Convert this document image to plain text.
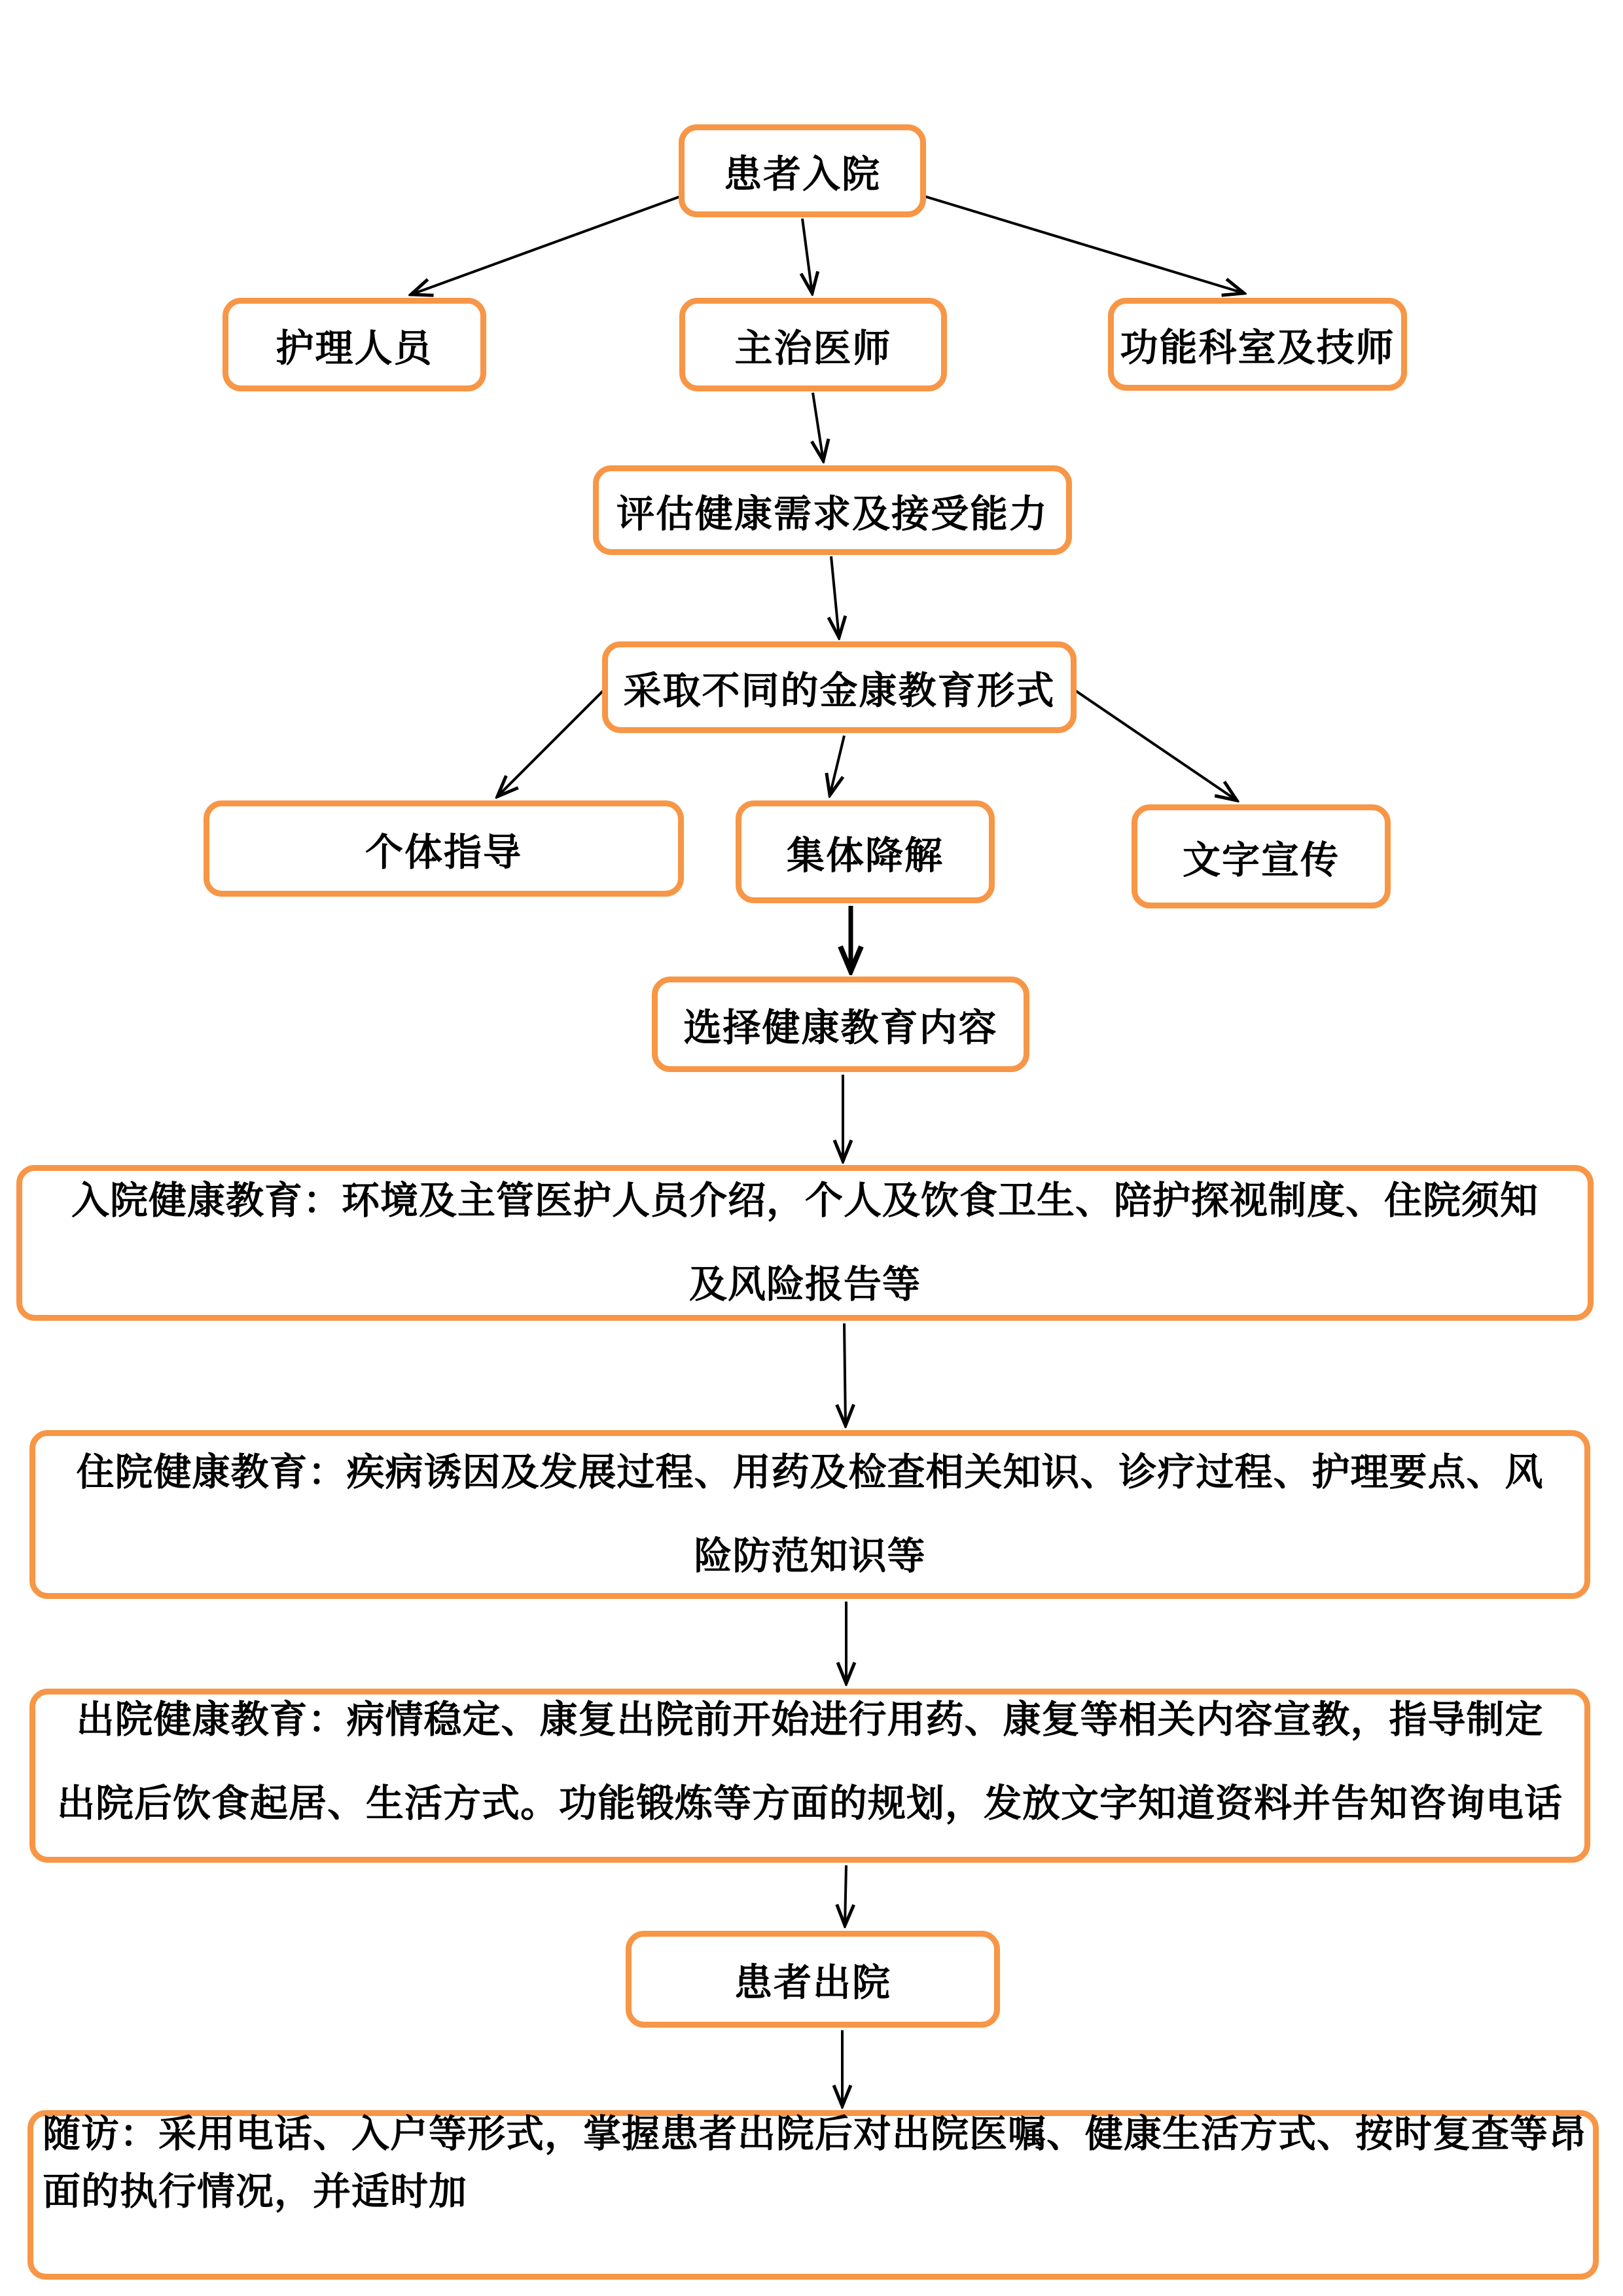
患者入院
护理人员	主治医师	功能科室及技师
评估健康需求及接受能力
采取不同的金康教育形式
个体指导	集体降解	文字宣传
选择健康教育内容
入院健康教育：环境及主管医护人员介绍，个人及饮食卫生、陪护探视制度、住院须知
及风险报告等
住院健康教育：疾病诱因及发展过程、用药及检查相关知识、诊疗过程、护理要点、风
险防范知识等
出院健康教育：病情稳定、康复出院前开始进行用药、康复等相关内容宣教，指导制定
出院后饮食起居、生活方式。功能锻炼等方面的规划，发放文字知道资料并告知咨询电话
患者出院
随访：采用电话、入户等形式，掌握患者出院后对出院医嘱、健康生活方式、按时复查等昂
面的执行情况，并适时加
